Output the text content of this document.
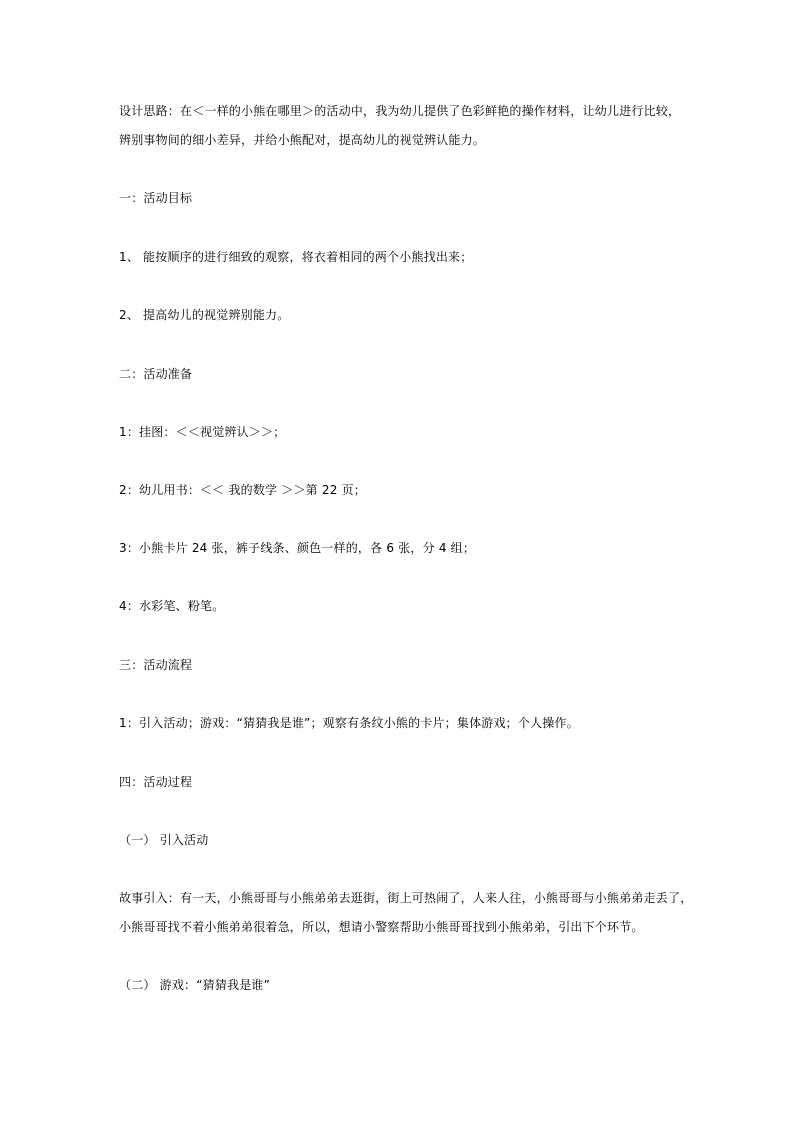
设计思路：在＜一样的小熊在哪里＞的活动中，我为幼儿提供了色彩鲜艳的操作材料，让幼儿进行比较，
辨别事物间的细小差异，并给小熊配对，提高幼儿的视觉辨认能力。
一：活动目标
1、 能按顺序的进行细致的观察，将衣着相同的两个小熊找出来；
2、 提高幼儿的视觉辨别能力。
二：活动准备
1：挂图：＜＜视觉辨认＞＞；
2：幼儿用书：＜＜ 我的数学 ＞＞第 22 页；
3：小熊卡片 24 张，裤子线条、颜色一样的，各 6 张，分 4 组；
4：水彩笔、粉笔。
三：活动流程
1：引入活动；游戏：“猜猜我是谁”；观察有条纹小熊的卡片；集体游戏；个人操作。
四：活动过程
（一） 引入活动
故事引入：有一天，小熊哥哥与小熊弟弟去逛街，街上可热闹了，人来人往，小熊哥哥与小熊弟弟走丢了，
小熊哥哥找不着小熊弟弟很着急，所以，想请小警察帮助小熊哥哥找到小熊弟弟，引出下个环节。
（二） 游戏：“猜猜我是谁”
